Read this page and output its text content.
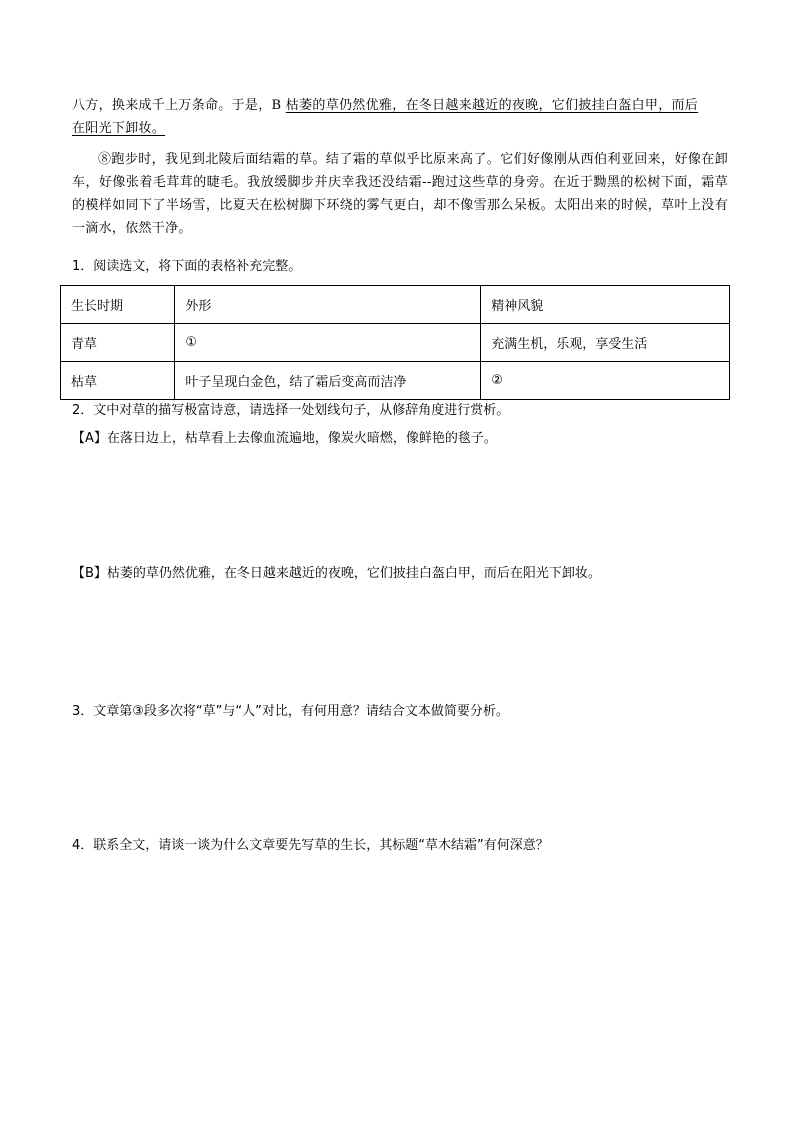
八方，换来成千上万条命。于是，B 枯萎的草仍然优雅，在冬日越来越近的夜晚，它们披挂白盔白甲，而后
在阳光下卸妆。
⑧跑步时，我见到北陵后面结霜的草。结了霜的草似乎比原来高了。它们好像刚从西伯利亚回来，好像在卸车，好像张着毛茸茸的睫毛。我放缓脚步并庆幸我还没结霜--跑过这些草的身旁。在近于黝黑的松树下面，霜草的模样如同下了半场雪，比夏天在松树脚下环绕的雾气更白，却不像雪那么呆板。太阳出来的时候，草叶上没有一滴水，依然干净。
1．阅读选文，将下面的表格补充完整。
生长时期	外形	精神风貌
青草	①	充满生机，乐观，享受生活
枯草	叶子呈现白金色，结了霜后变高而洁净	②
2．文中对草的描写极富诗意，请选择一处划线句子，从修辞角度进行赏析。
【A】在落日边上，枯草看上去像血流遍地，像炭火暗燃，像鲜艳的毯子。
【B】枯萎的草仍然优雅，在冬日越来越近的夜晚，它们披挂白盔白甲，而后在阳光下卸妆。
3．文章第③段多次将“草”与“人”对比，有何用意？请结合文本做简要分析。
4．联系全文，请谈一谈为什么文章要先写草的生长，其标题“草木结霜”有何深意？
